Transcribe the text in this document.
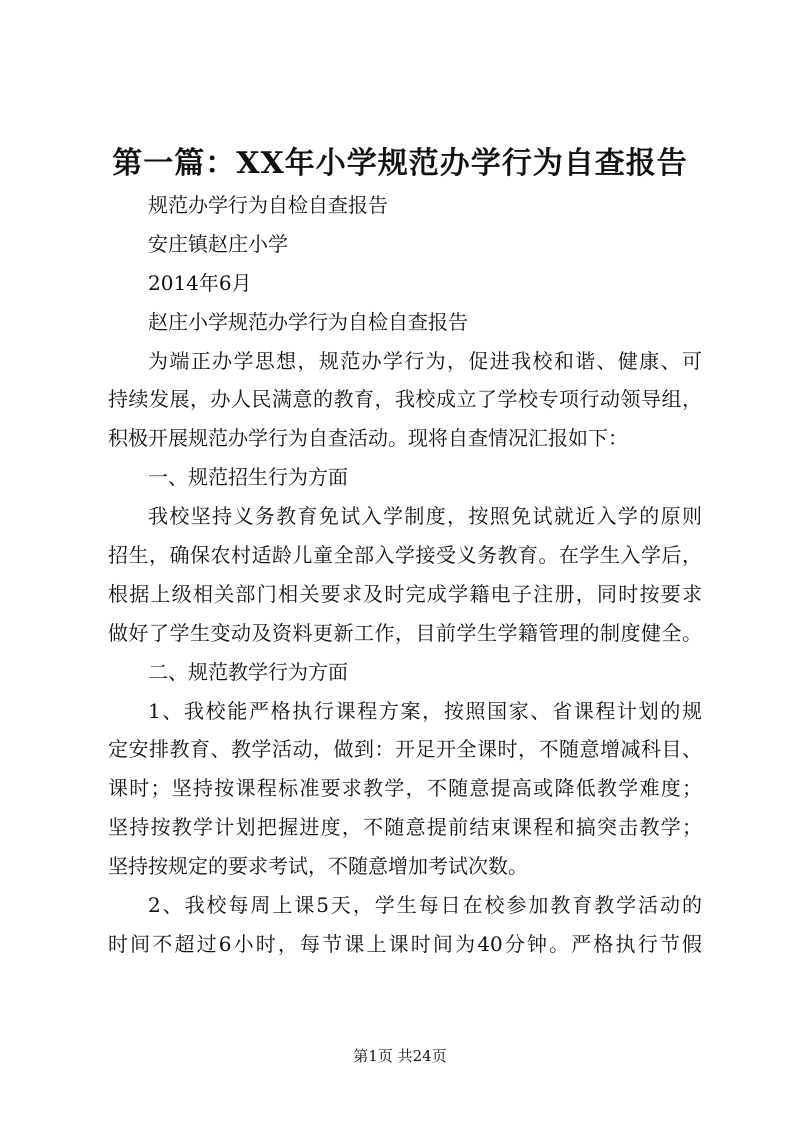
第一篇：XX年小学规范办学行为自查报告
规范办学行为自检自查报告
安庄镇赵庄小学
2014年6月
赵庄小学规范办学行为自检自查报告
为端正办学思想，规范办学行为，促进我校和谐、健康、可
持续发展，办人民满意的教育，我校成立了学校专项行动领导组，
积极开展规范办学行为自查活动。现将自查情况汇报如下：
一、规范招生行为方面
我校坚持义务教育免试入学制度，按照免试就近入学的原则
招生，确保农村适龄儿童全部入学接受义务教育。在学生入学后，
根据上级相关部门相关要求及时完成学籍电子注册，同时按要求
做好了学生变动及资料更新工作，目前学生学籍管理的制度健全。
二、规范教学行为方面
1、我校能严格执行课程方案，按照国家、省课程计划的规
定安排教育、教学活动，做到：开足开全课时，不随意增减科目、
课时；坚持按课程标准要求教学，不随意提高或降低教学难度；
坚持按教学计划把握进度，不随意提前结束课程和搞突击教学；
坚持按规定的要求考试，不随意增加考试次数。
2、我校每周上课5天，学生每日在校参加教育教学活动的
时间不超过6小时，每节课上课时间为40分钟。严格执行节假
第1页 共24页
